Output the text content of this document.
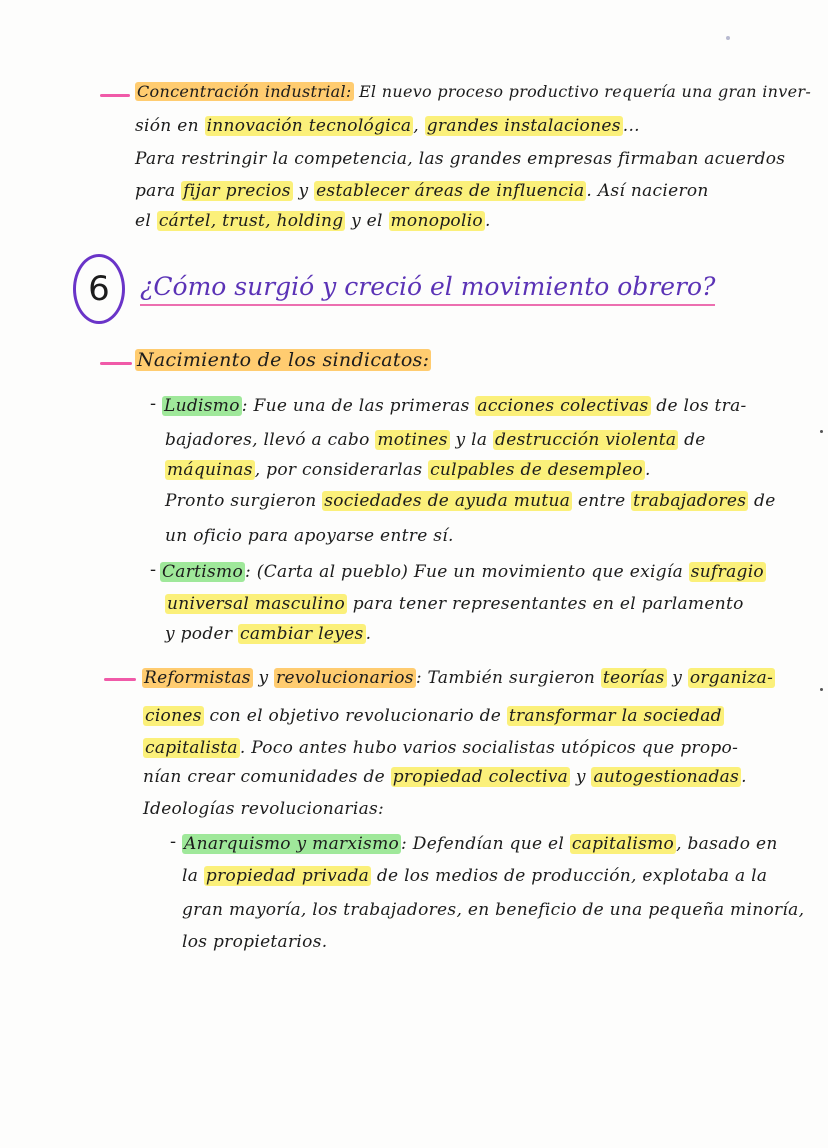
Concentración industrial: El nuevo proceso productivo requería una gran inver-
sión en innovación tecnológica , grandes instalaciones ...
Para restringir la competencia, las grandes empresas firmaban acuerdos
para fijar precios y establecer áreas de influencia . Así nacieron
el cártel, trust, holding y el monopolio .
6 ¿Cómo surgió y creció el movimiento obrero?
Nacimiento de los sindicatos:
- Ludismo : Fue una de las primeras acciones colectivas de los tra-
bajadores, llevó a cabo motines y la destrucción violenta de
máquinas , por considerarlas culpables de desempleo .
Pronto surgieron sociedades de ayuda mutua entre trabajadores de
un oficio para apoyarse entre sí.
- Cartismo : (Carta al pueblo) Fue un movimiento que exigía sufragio
universal masculino para tener representantes en el parlamento
y poder cambiar leyes .
Reformistas y revolucionarios : También surgieron teorías y organiza-
ciones con el objetivo revolucionario de transformar la sociedad
capitalista . Poco antes hubo varios socialistas utópicos que propo-
nían crear comunidades de propiedad colectiva y autogestionadas .
Ideologías revolucionarias:
- Anarquismo y marxismo : Defendían que el capitalismo , basado en
la propiedad privada de los medios de producción, explotaba a la
gran mayoría, los trabajadores, en beneficio de una pequeña minoría,
los propietarios.
